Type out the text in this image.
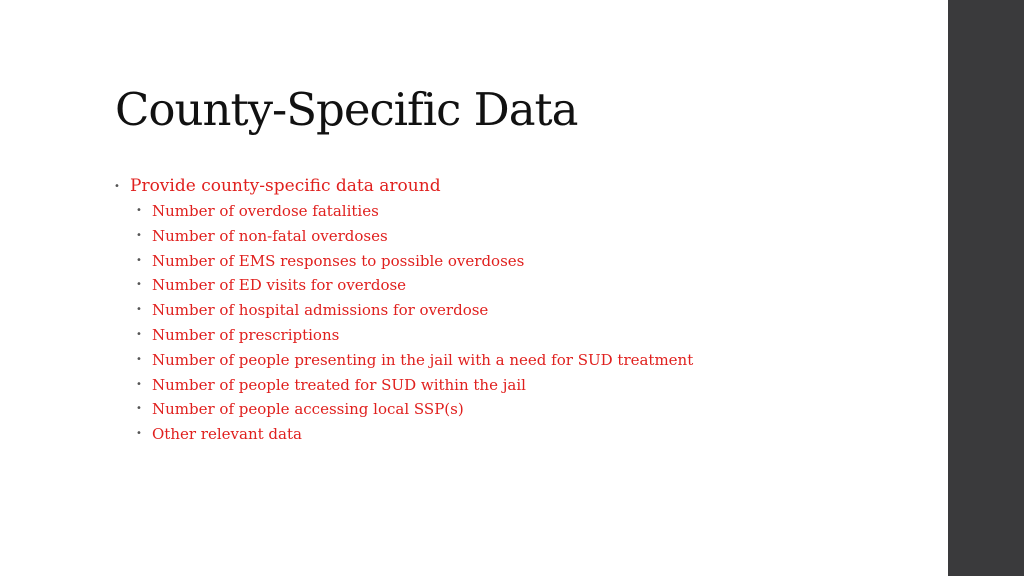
County-Specific Data
• Provide county-specific data around
• Number of overdose fatalities
• Number of non-fatal overdoses
• Number of EMS responses to possible overdoses
• Number of ED visits for overdose
• Number of hospital admissions for overdose
• Number of prescriptions
• Number of people presenting in the jail with a need for SUD treatment
• Number of people treated for SUD within the jail
• Number of people accessing local SSP(s)
• Other relevant data
